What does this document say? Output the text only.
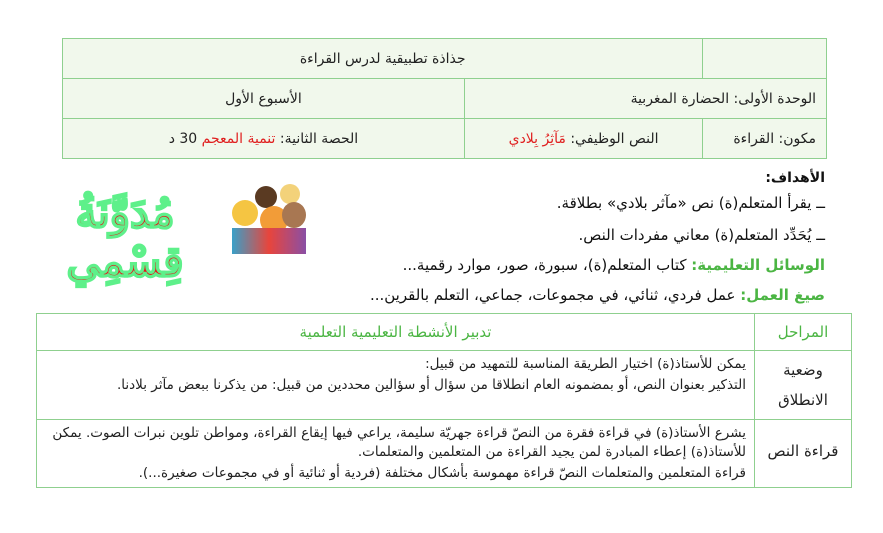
	جذاذة تطبيقية لدرس القراءة	
الوحدة الأولى: الحضارة المغربية		الأسبوع الأول
مكون: القراءة	النص الوظيفي: مَآثِرُ بِلادي	الحصة الثانية: تنمية المعجم 30 د
الأهداف:
ــ يقرأ المتعلم(ة) نص «مآثر بلادي» بطلاقة.
ــ يُحَدِّد المتعلم(ة) معاني مفردات النص.
الوسائل التعليمية: كتاب المتعلم(ة)، سبورة، صور، موارد رقمية...
صيغ العمل: عمل فردي، ثنائي، في مجموعات، جماعي، التعلم بالقرين...
مُدَوَّنَةُ قِسْمِي
المراحل	تدبير الأنشطة التعليمية التعلمية
وضعية الانطلاق	يمكن للأستاذ(ة) اختيار الطريقة المناسبة للتمهيد من قبيل:
التذكير بعنوان النص، أو بمضمونه العام انطلاقا من سؤال أو سؤالين محددين من قبيل: من يذكرنا ببعض مآثر بلادنا.

قراءة النص	يشرع الأستاذ(ة) في قراءة فقرة من النصّ قراءة جهريّة سليمة، يراعي فيها إيقاع القراءة، ومواطن تلوين نبرات الصوت. يمكن للأستاذ(ة) إعطاء المبادرة لمن يجيد القراءة من المتعلمين والمتعلمات.
قراءة المتعلمين والمتعلمات النصّ قراءة مهموسة بأشكال مختلفة (فردية أو ثنائية أو في مجموعات صغيرة...).
